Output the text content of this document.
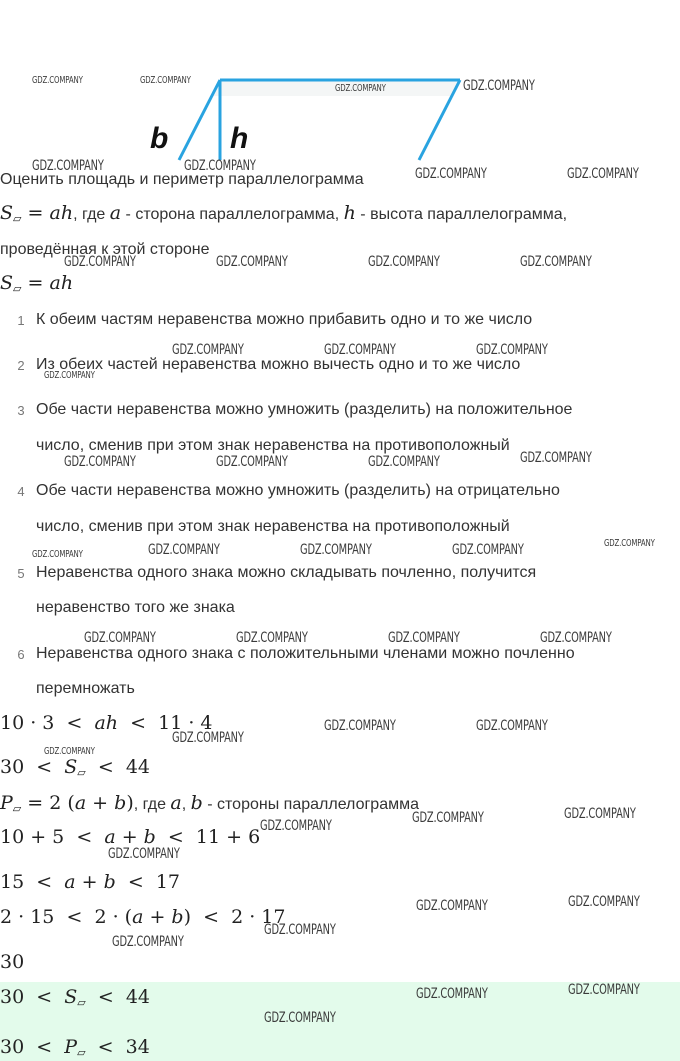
b h
Оценить площадь и периметр параллелограмма
$S_▱$ = ah, где a - сторона параллелограмма, h - высота параллелограмма,
проведённая к этой стороне
$S_▱$ = ah
1 К обеим частям неравенства можно прибавить одно и то же число
2 Из обеих частей неравенства можно вычесть одно и то же число
3 Обе части неравенства можно умножить (разделить) на положительное
число, сменив при этом знак неравенства на противоположный
4 Обе части неравенства можно умножить (разделить) на отрицательно
число, сменив при этом знак неравенства на противоположный
5 Неравенства одного знака можно складывать почленно, получится
неравенство того же знака
6 Неравенства одного знака с положительными членами можно почленно
перемножать
10 · 3  <  ah  <  11 · 4
$30 < S_▱ < 44$
$P_▱ = 2$ (a + b), где a, b - стороны параллелограмма
10 + 5  <  a + b  <  11 + 6
15  <  a + b  <  17
2 · 15  <  2 · (a + b)  <  2 · 17
30
$30 < S_▱ < 44$
$30 < P_▱ < 34$
GDZ.COMPANY	GDZ.COMPANY
GDZ.COMPANY	GDZ.COMPANY
GDZ.COMPANY	GDZ.COMPANY	GDZ.COMPANY	GDZ.COMPANY
GDZ.COMPANY	GDZ.COMPANY	GDZ.COMPANY	GDZ.COMPANY
GDZ.COMPANY	GDZ.COMPANY	GDZ.COMPANY
GDZ.COMPANY
GDZ.COMPANY	GDZ.COMPANY	GDZ.COMPANY	GDZ.COMPANY
GDZ.COMPANY	GDZ.COMPANY	GDZ.COMPANY	GDZ.COMPANY	GDZ.COMPANY
GDZ.COMPANY	GDZ.COMPANY	GDZ.COMPANY	GDZ.COMPANY
GDZ.COMPANY	GDZ.COMPANY
GDZ.COMPANY
GDZ.COMPANY
GDZ.COMPANY	GDZ.COMPANY	GDZ.COMPANY
GDZ.COMPANY
GDZ.COMPANY	GDZ.COMPANY
GDZ.COMPANY
GDZ.COMPANY
GDZ.COMPANY	GDZ.COMPANY
GDZ.COMPANY
